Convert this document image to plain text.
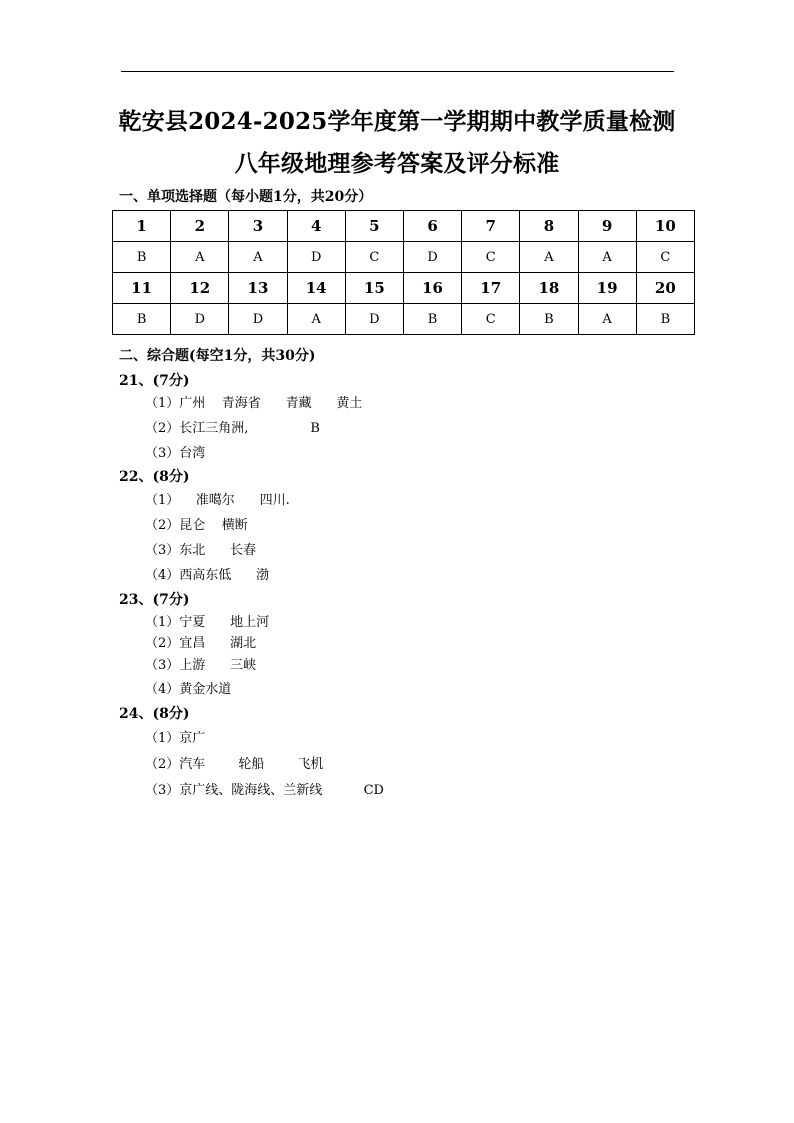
乾安县2024-2025学年度第一学期期中教学质量检测
八年级地理参考答案及评分标准
一、单项选择题（每小题1分，共20分）
1	2	3	4	5	6	7	8	9	10
B	A	A	D	C	D	C	A	A	C
11	12	13	14	15	16	17	18	19	20
B	D	D	A	D	B	C	B	A	B
二、综合题(每空1分，共30分)
21、(7分)
（1）广州    青海省      青藏      黄土
（2）长江三角洲,               B
（3）台湾
22、(8分)
（1）    准噶尔      四川.
（2）昆仑    横断
（3）东北      长春
（4）西高东低      渤
23、(7分)
（1）宁夏      地上河
（2）宜昌      湖北
（3）上游      三峡
（4）黄金水道
24、(8分)
（1）京广
（2）汽车        轮船        飞机
（3）京广线、陇海线、兰新线          CD
